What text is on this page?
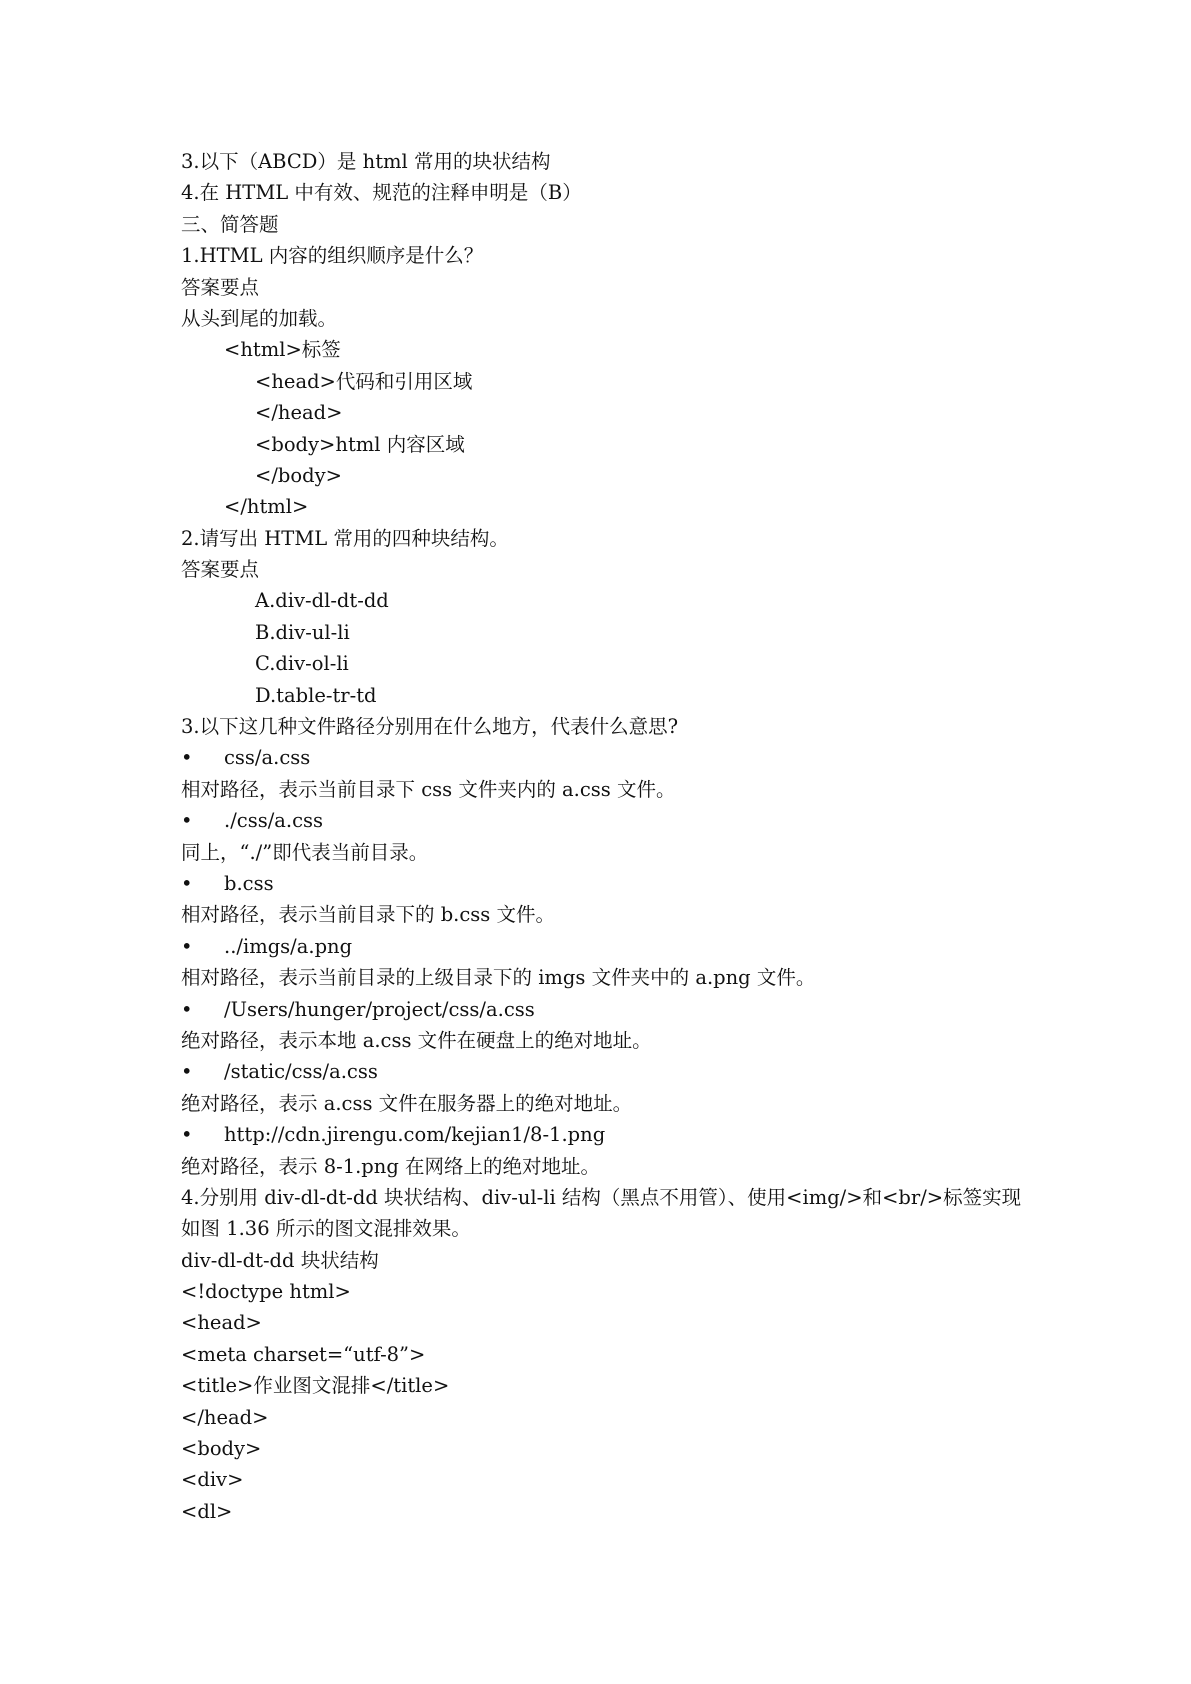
3.以下（ABCD）是 html 常用的块状结构
4.在 HTML 中有效、规范的注释申明是（B）
三、简答题
1.HTML 内容的组织顺序是什么？
答案要点
从头到尾的加载。
<html>标签
<head>代码和引用区域
</head>
<body>html 内容区域
</body>
</html>
2.请写出 HTML 常用的四种块结构。
答案要点
A.div-dl-dt-dd
B.div-ul-li
C.div-ol-li
D.table-tr-td
3.以下这几种文件路径分别用在什么地方，代表什么意思?
• css/a.css
相对路径，表示当前目录下 css 文件夹内的 a.css 文件。
• ./css/a.css
同上，“./”即代表当前目录。
• b.css
相对路径，表示当前目录下的 b.css 文件。
• ../imgs/a.png
相对路径，表示当前目录的上级目录下的 imgs 文件夹中的 a.png 文件。
• /Users/hunger/project/css/a.css
绝对路径，表示本地 a.css 文件在硬盘上的绝对地址。
• /static/css/a.css
绝对路径，表示 a.css 文件在服务器上的绝对地址。
• http://cdn.jirengu.com/kejian1/8-1.png
绝对路径，表示 8-1.png 在网络上的绝对地址。
4.分别用 div-dl-dt-dd 块状结构、div-ul-li 结构（黑点不用管）、使用<img/>和<br/>标签实现
如图 1.36 所示的图文混排效果。
div-dl-dt-dd 块状结构
<!doctype html>
<head>
<meta charset=“utf-8”>
<title>作业图文混排</title>
</head>
<body>
<div>
<dl>
